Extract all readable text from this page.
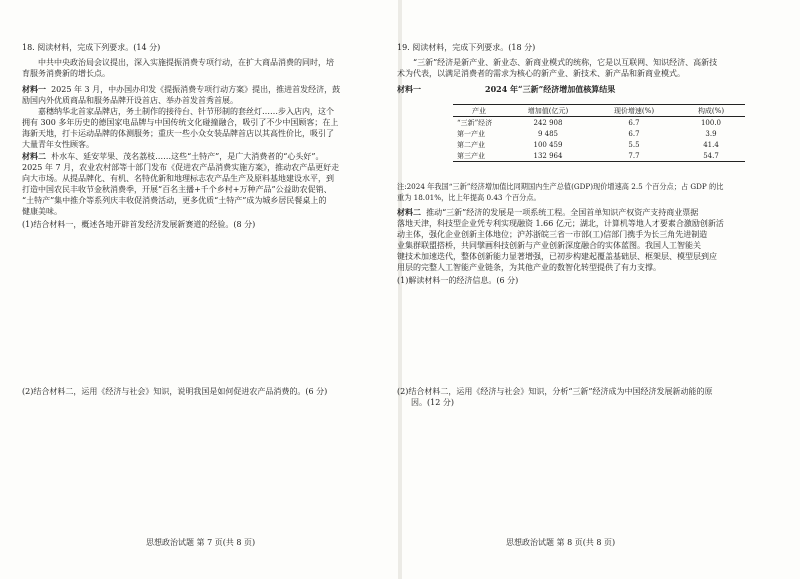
18. 阅读材料，完成下列要求。(14 分)
中共中央政治局会议提出，深入实施提振消费专项行动，在扩大商品消费的同时，培
育服务消费新的增长点。
材料一 2025 年 3 月，中办国办印发《提振消费专项行动方案》提出，推进首发经济，鼓
励国内外优质商品和服务品牌开设首店、举办首发首秀首展。
嘉穗纳华北首家品牌店，务土制作的接待台、针节形制的套丝灯……步入店内，这个
拥有 300 多年历史的德国家电品牌与中国传统文化碰撞融合，吸引了不少中国顾客；在上
海新天地，打卡运动品牌的体测服务；重庆一些小众女装品牌首店以其高性价比，吸引了
大量青年女性顾客。
材料二 朴水车、延安苹果、茂名荔枝……这些“土特产”，是广大消费者的“心头好”。
2025 年 7 月，农业农村部等十部门发布《促进农产品消费实施方案》，推动农产品更好走
向大市场。从提品牌化、有机、名特优新和地理标志农产品生产及原料基地建设水平，到
打造中国农民丰收节金秋消费季，开展“百名主播+千个乡村+万种产品”公益助农促销、
“土特产”集中推介等系列庆丰收促消费活动，更多优质“土特产”成为城乡居民餐桌上的
健康美味。
(1)结合材料一，概述各地开辟首发经济发展新赛道的经验。(8 分)
(2)结合材料二，运用《经济与社会》知识，说明我国是如何促进农产品消费的。(6 分)
思想政治试题 第 7 页(共 8 页)
19. 阅读材料，完成下列要求。(18 分)
“三新”经济是新产业、新业态、新商业模式的统称，它是以互联网、知识经济、高新技
术为代表，以满足消费者的需求为核心的新产业、新技术、新产品和新商业模式。
材料一	2024 年“三新”经济增加值核算结果
产业	增加值(亿元)	现价增速(%)	构成(%)
“三新”经济	242 908	6.7	100.0
第一产业	9 485	6.7	3.9
第二产业	100 459	5.5	41.4
第三产业	132 964	7.7	54.7
注:2024 年我国“三新”经济增加值比同期国内生产总值(GDP)现价增速高 2.5 个百分点；占 GDP 的比
重为 18.01%，比上年提高 0.43 个百分点。
材料二 推动“三新”经济的发展是一项系统工程。全国首单知识产权资产支持商业票据
落地天津，科技型企业凭专利实现融资 1.66 亿元；湖北，计算机等地人才要素合激励创新活
动主体，强化企业创新主体地位；沪苏浙皖三省一市部(工)信部门携手为长三角先进制造
业集群联盟搭桥，共同擘画科技创新与产业创新深度融合的实体蓝图。我国人工智能关
键技术加速迭代，整体创新能力显著增强，已初步构建起覆盖基础层、框架层、模型层到应
用层的完整人工智能产业链条，为其他产业的数智化转型提供了有力支撑。
(1)解读材料一的经济信息。(6 分)
(2)结合材料二，运用《经济与社会》知识，分析“三新”经济成为中国经济发展新动能的原
因。(12 分)
思想政治试题 第 8 页(共 8 页)
